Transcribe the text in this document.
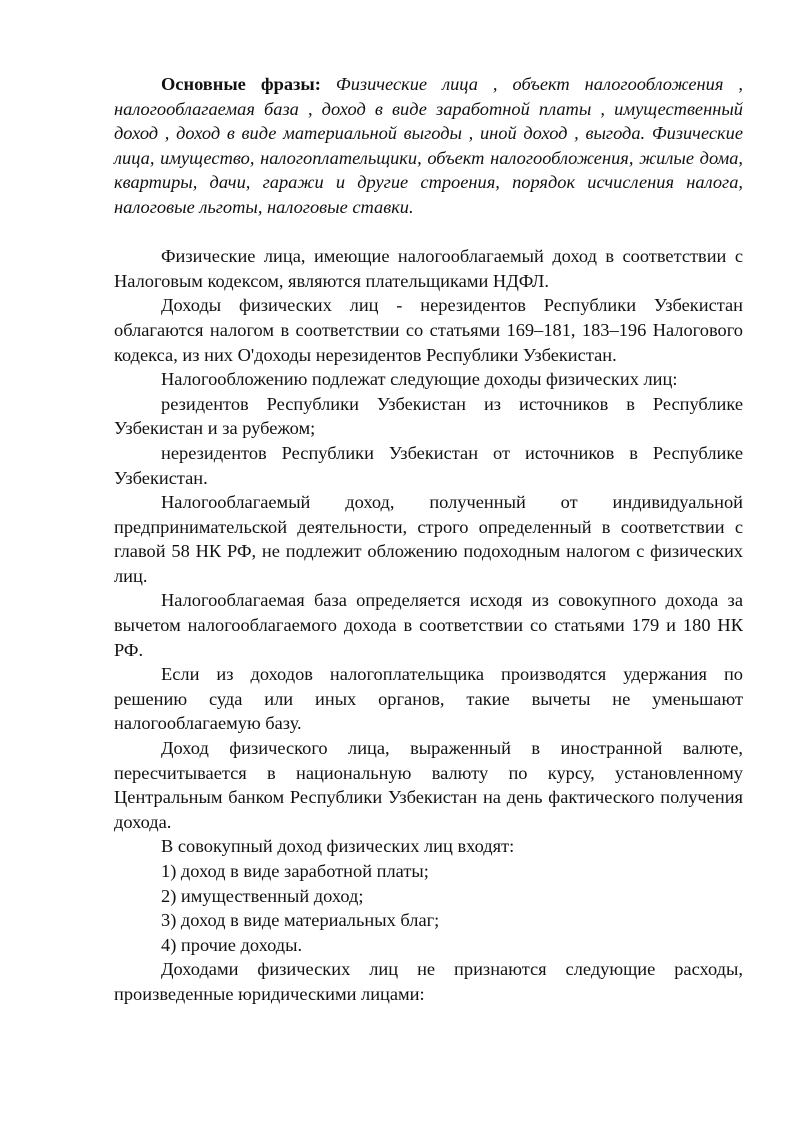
Основные фразы: Физические лица , объект налогообложения , налогооблагаемая база , доход в виде заработной платы , имущественный доход , доход в виде материальной выгоды , иной доход , выгода. Физические лица, имущество, налогоплательщики, объект налогообложения, жилые дома, квартиры, дачи, гаражи и другие строения, порядок исчисления налога, налоговые льготы, налоговые ставки.

Физические лица, имеющие налогооблагаемый доход в соответствии с Налоговым кодексом, являются плательщиками НДФЛ.

Доходы физических лиц - нерезидентов Республики Узбекистан облагаются налогом в соответствии со статьями 169–181, 183–196 Налогового кодекса, из них O'доходы нерезидентов Республики Узбекистан.

Налогообложению подлежат следующие доходы физических лиц:

резидентов Республики Узбекистан из источников в Республике Узбекистан и за рубежом;

нерезидентов Республики Узбекистан от источников в Республике Узбекистан.

Налогооблагаемый доход, полученный от индивидуальной предпринимательской деятельности, строго определенный в соответствии с главой 58 НК РФ, не подлежит обложению подоходным налогом с физических лиц.

Налогооблагаемая база определяется исходя из совокупного дохода за вычетом налогооблагаемого дохода в соответствии со статьями 179 и 180 НК РФ.

Если из доходов налогоплательщика производятся удержания по решению суда или иных органов, такие вычеты не уменьшают налогооблагаемую базу.

Доход физического лица, выраженный в иностранной валюте, пересчитывается в национальную валюту по курсу, установленному Центральным банком Республики Узбекистан на день фактического получения дохода.

В совокупный доход физических лиц входят:

1) доход в виде заработной платы;

2) имущественный доход;

3) доход в виде материальных благ;

4) прочие доходы.

Доходами физических лиц не признаются следующие расходы, произведенные юридическими лицами:
